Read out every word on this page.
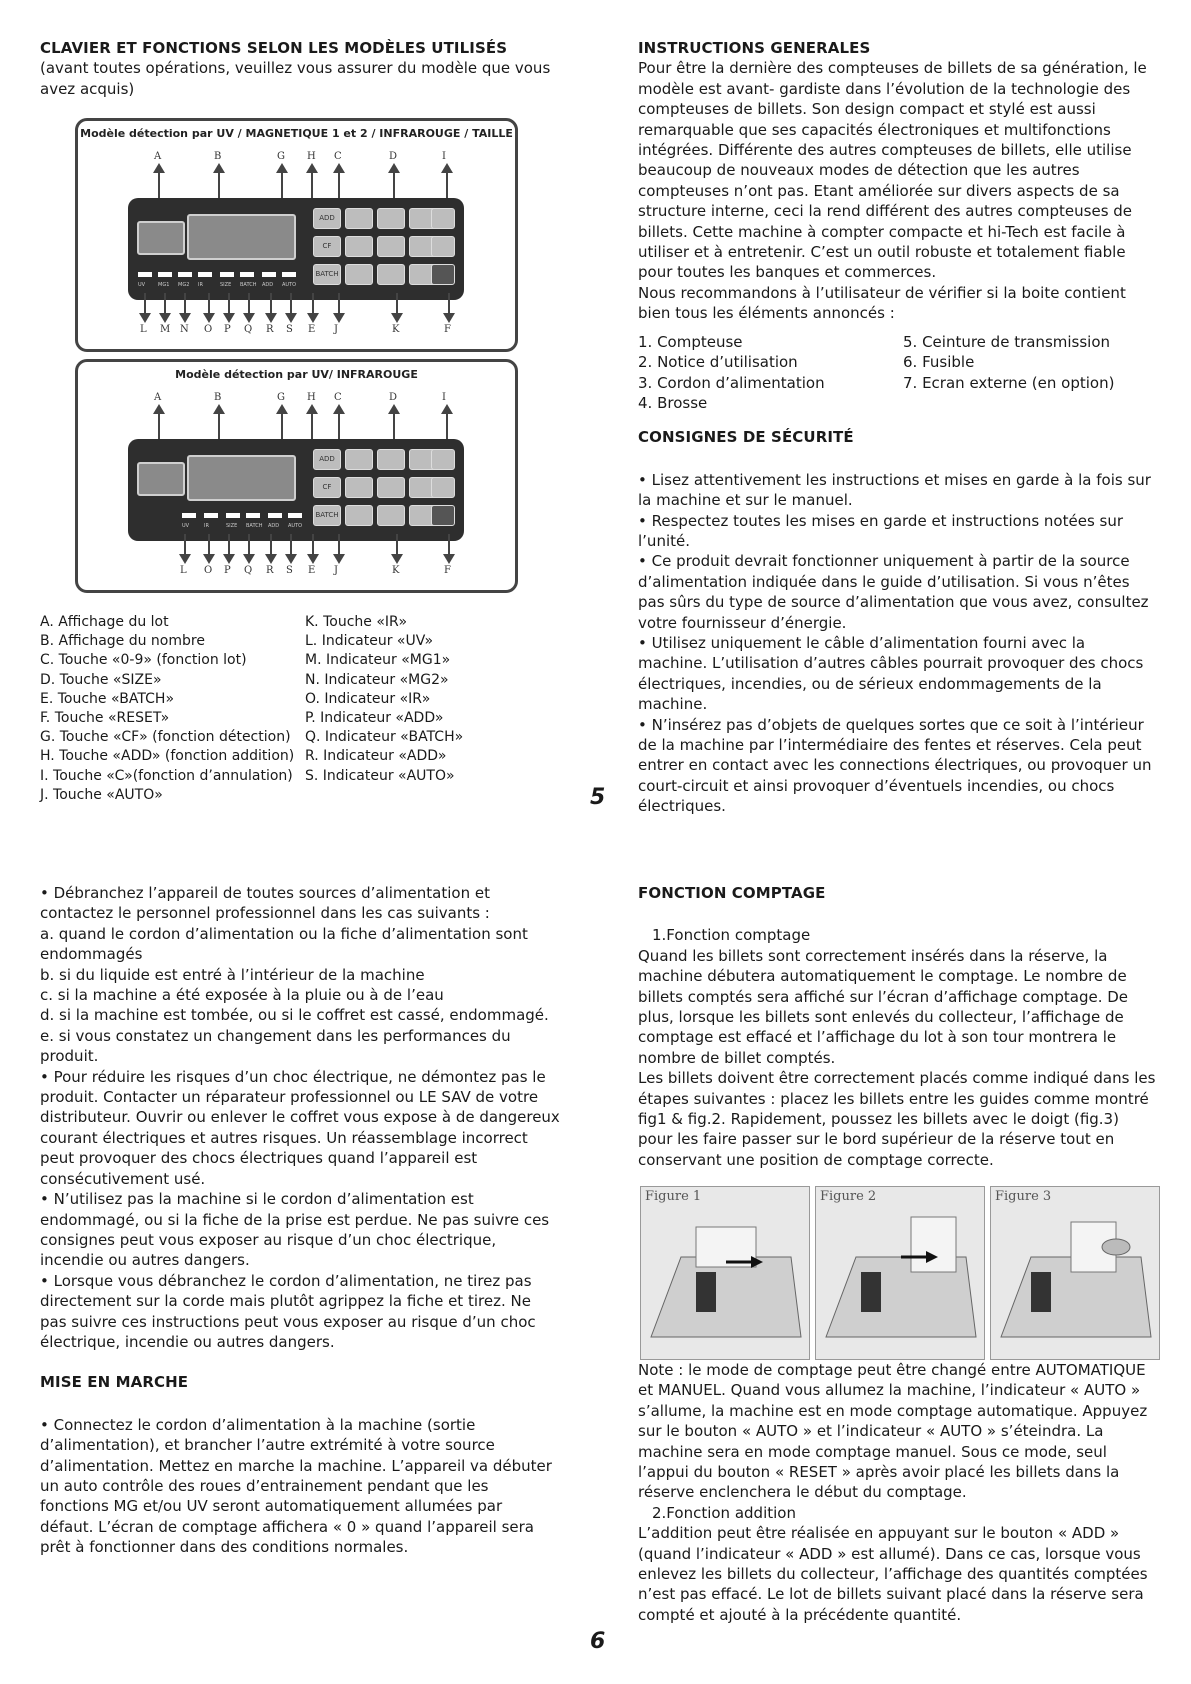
CLAVIER ET FONCTIONS SELON LES MODÈLES UTILISÉS

(avant toutes opérations, veuillez vous assurer du modèle que vous avez acquis)

Modèle détection par UV / MAGNETIQUE 1 et 2 / INFRAROUGE / TAILLE
A	B	G H C	D	I
ADD
CF
BATCH
UV	MG1 MG2 IR	SIZE BATCH ADD AUTO
L M N O P Q R S E J	K	F
Modèle détection par UV/ INFRAROUGE
A	B	G H C	D	I
ADD
CF
BATCH
UV	IR	SIZE BATCH ADD AUTO
L O P Q R S E J	K	F
A. Affichage du lot
B. Affichage du nombre
C. Touche «0-9» (fonction lot)
D. Touche «SIZE»
E. Touche «BATCH»
F. Touche «RESET»
G. Touche «CF» (fonction détection)
H. Touche «ADD» (fonction addition)
I. Touche «C»(fonction d’annulation)
J. Touche «AUTO»
K. Touche «IR»
L. Indicateur «UV»
M. Indicateur «MG1»
N. Indicateur «MG2»
O. Indicateur «IR»
P. Indicateur «ADD»
Q. Indicateur «BATCH»
R. Indicateur «ADD»
S. Indicateur «AUTO»
5

INSTRUCTIONS GENERALES

Pour être la dernière des compteuses de billets de sa génération, le modèle est avant- gardiste dans l’évolution de la technologie des compteuses de billets. Son design compact et stylé est aussi remarquable que ses capacités électroniques et multifonctions intégrées. Différente des autres compteuses de billets, elle utilise beaucoup de nouveaux modes de détection que les autres compteuses n’ont pas. Etant améliorée sur divers aspects de sa structure interne, ceci la rend différent des autres compteuses de billets. Cette machine à compter compacte et hi-Tech est facile à utiliser et à entretenir. C’est un outil robuste et totalement fiable pour toutes les banques et commerces.

Nous recommandons à l’utilisateur de vérifier si la boite contient bien tous les éléments annoncés :

1. Compteuse
2. Notice d’utilisation
3. Cordon d’alimentation
4. Brosse
5. Ceinture de transmission
6. Fusible
7. Ecran externe (en option)

CONSIGNES DE SÉCURITÉ

• Lisez attentivement les instructions et mises en garde à la fois sur la machine et sur le manuel.

• Respectez toutes les mises en garde et instructions notées sur l’unité.

• Ce produit devrait fonctionner uniquement à partir de la source d’alimentation indiquée dans le guide d’utilisation. Si vous n’êtes pas sûrs du type de source d’alimentation que vous avez, consultez votre fournisseur d’énergie.

• Utilisez uniquement le câble d’alimentation fourni avec la machine. L’utilisation d’autres câbles pourrait provoquer des chocs électriques, incendies, ou de sérieux endommagements de la machine.

• N’insérez pas d’objets de quelques sortes que ce soit à l’intérieur de la machine par l’intermédiaire des fentes et réserves. Cela peut entrer en contact avec les connections électriques, ou provoquer un court-circuit et ainsi provoquer d’éventuels incendies, ou chocs électriques.

• Débranchez l’appareil de toutes sources d’alimentation et contactez le personnel professionnel dans les cas suivants :

a. quand le cordon d’alimentation ou la fiche d’alimentation sont endommagés

b. si du liquide est entré à l’intérieur de la machine

c. si la machine a été exposée à la pluie ou à de l’eau

d. si la machine est tombée, ou si le coffret est cassé, endommagé.

e. si vous constatez un changement dans les performances du produit.

• Pour réduire les risques d’un choc électrique, ne démontez pas le produit. Contacter un réparateur professionnel ou LE SAV de votre distributeur. Ouvrir ou enlever le coffret vous expose à de dangereux courant électriques et autres risques. Un réassemblage incorrect peut provoquer des chocs électriques quand l’appareil est consécutivement usé.

• N’utilisez pas la machine si le cordon d’alimentation est endommagé, ou si la fiche de la prise est perdue. Ne pas suivre ces consignes peut vous exposer au risque d’un choc électrique, incendie ou autres dangers.

• Lorsque vous débranchez le cordon d’alimentation, ne tirez pas directement sur la corde mais plutôt agrippez la fiche et tirez. Ne pas suivre ces instructions peut vous exposer au risque d’un choc électrique, incendie ou autres dangers.

MISE EN MARCHE

• Connectez le cordon d’alimentation à la machine (sortie d’alimentation), et brancher l’autre extrémité à votre source d’alimentation. Mettez en marche la machine. L’appareil va débuter un auto contrôle des roues d’entrainement pendant que les fonctions MG et/ou UV seront automatiquement allumées par défaut. L’écran de comptage affichera « 0 » quand l’appareil sera prêt à fonctionner dans des conditions normales.

FONCTION COMPTAGE

1.Fonction comptage

Quand les billets sont correctement insérés dans la réserve, la machine débutera automatiquement le comptage. Le nombre de billets comptés sera affiché sur l’écran d’affichage comptage. De plus, lorsque les billets sont enlevés du collecteur, l’affichage de comptage est effacé et l’affichage du lot à son tour montrera le nombre de billet comptés.

Les billets doivent être correctement placés comme indiqué dans les étapes suivantes : placez les billets entre les guides comme montré fig1 & fig.2. Rapidement, poussez les billets avec le doigt (fig.3) pour les faire passer sur le bord supérieur de la réserve tout en conservant une position de comptage correcte.

Figure 1	Figure 2	Figure 3

Note : le mode de comptage peut être changé entre AUTOMATIQUE et MANUEL. Quand vous allumez la machine, l’indicateur « AUTO » s’allume, la machine est en mode comptage automatique. Appuyez sur le bouton « AUTO » et l’indicateur « AUTO » s’éteindra. La machine sera en mode comptage manuel. Sous ce mode, seul l’appui du bouton « RESET » après avoir placé les billets dans la réserve enclenchera le début du comptage.

2.Fonction addition

L’addition peut être réalisée en appuyant sur le bouton « ADD » (quand l’indicateur « ADD » est allumé). Dans ce cas, lorsque vous enlevez les billets du collecteur, l’affichage des quantités comptées n’est pas effacé. Le lot de billets suivant placé dans la réserve sera compté et ajouté à la précédente quantité.

6
